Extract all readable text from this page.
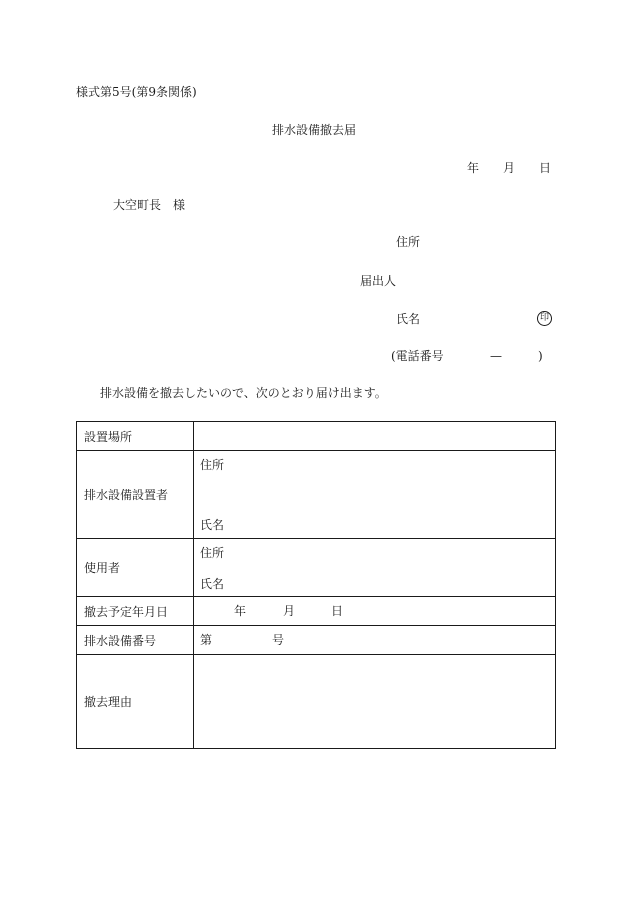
様式第5号(第9条関係)
排水設備撤去届
年 月 日
大空町長　様
住所
届出人
氏名	印
(電話番号	—	)
排水設備を撤去したいので、次のとおり届け出ます。
設置場所	
排水設備設置者	住所
氏名

使用者	住所
氏名

撤去予定年月日	年 月 日

排水設備番号	第 号

撤去理由	
